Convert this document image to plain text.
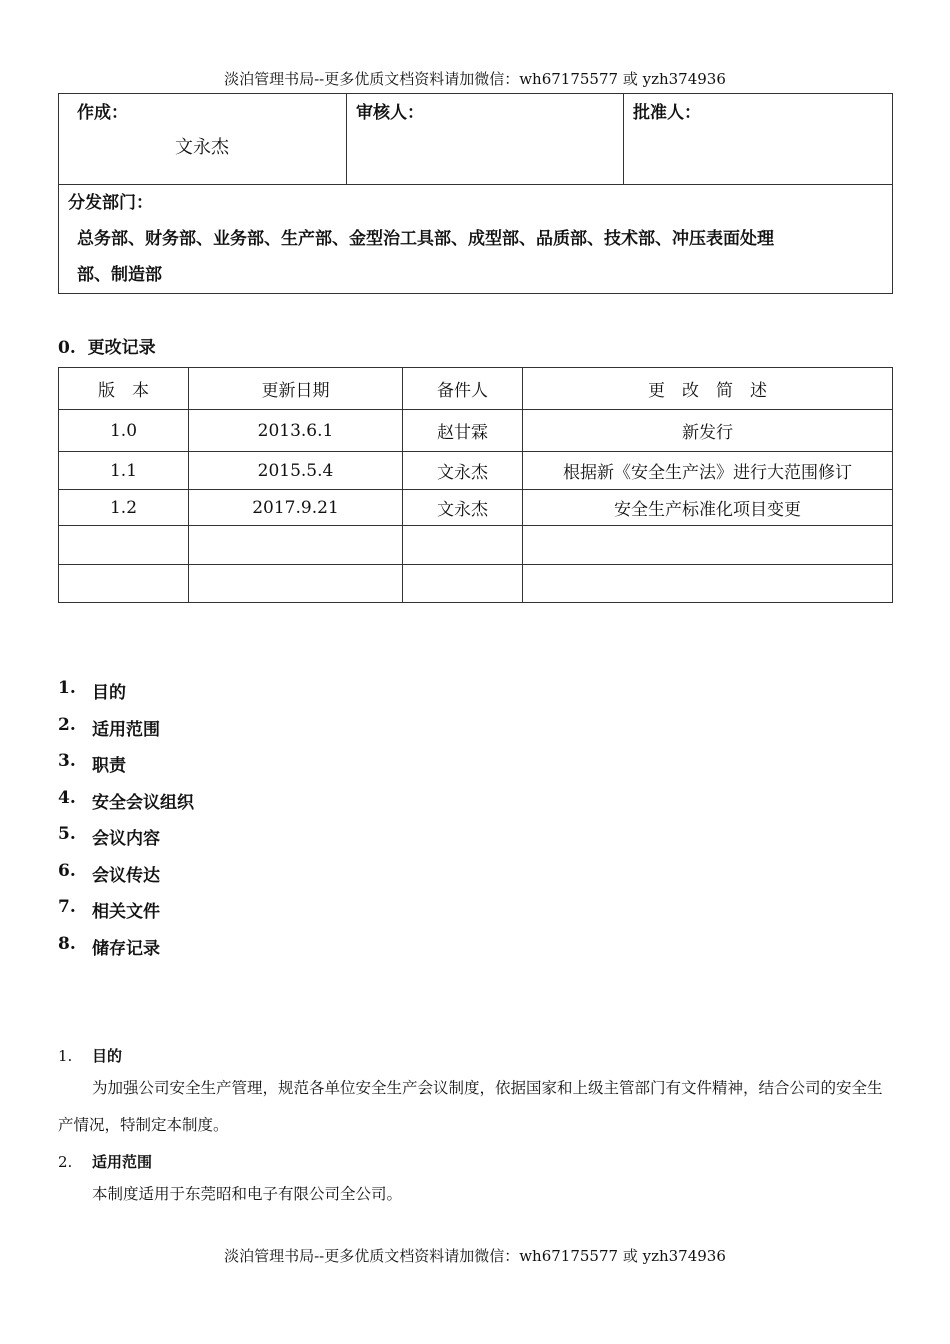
淡泊管理书局--更多优质文档资料请加微信：wh67175577 或 yzh374936
作成：
文永杰

审核人：	批准人：

分发部门：
总务部、财务部、业务部、生产部、金型治工具部、成型部、品质部、技术部、冲压表面处理
部、制造部
0.  更改记录
版　本	更新日期	备件人	更　改　简　述
1.0	2013.6.1	赵甘霖	新发行
1.1	2015.5.4	文永杰	根据新《安全生产法》进行大范围修订
1.2	2017.9.21	文永杰	安全生产标准化项目变更

1. 目的
2. 适用范围
3. 职责
4. 安全会议组织
5. 会议内容
6. 会议传达
7. 相关文件
8. 储存记录
1. 目的
为加强公司安全生产管理，规范各单位安全生产会议制度，依据国家和上级主管部门有文件精神，结合公司的安全生产情况，特制定本制度。
2. 适用范围
本制度适用于东莞昭和电子有限公司全公司。
淡泊管理书局--更多优质文档资料请加微信：wh67175577 或 yzh374936
